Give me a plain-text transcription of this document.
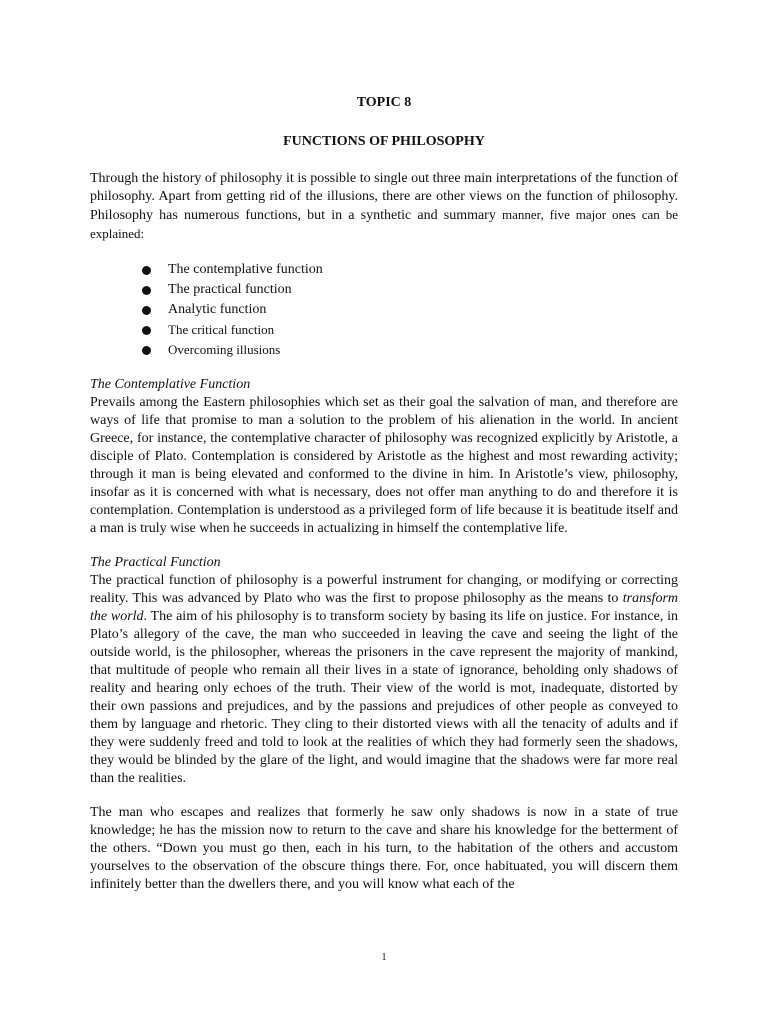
TOPIC 8
FUNCTIONS OF PHILOSOPHY

Through the history of philosophy it is possible to single out three main interpretations of the function of philosophy. Apart from getting rid of the illusions, there are other views on the function of philosophy. Philosophy has numerous functions, but in a synthetic and summary manner, five major ones can be explained:

The contemplative function
The practical function
Analytic function
The critical function
Overcoming illusions
The Contemplative Function

Prevails among the Eastern philosophies which set as their goal the salvation of man, and therefore are ways of life that promise to man a solution to the problem of his alienation in the world. In ancient Greece, for instance, the contemplative character of philosophy was recognized explicitly by Aristotle, a disciple of Plato. Contemplation is considered by Aristotle as the highest and most rewarding activity; through it man is being elevated and conformed to the divine in him. In Aristotle’s view, philosophy, insofar as it is concerned with what is necessary, does not offer man anything to do and therefore it is contemplation. Contemplation is understood as a privileged form of life because it is beatitude itself and a man is truly wise when he succeeds in actualizing in himself the contemplative life.

The Practical Function

The practical function of philosophy is a powerful instrument for changing, or modifying or correcting reality. This was advanced by Plato who was the first to propose philosophy as the means to transform the world. The aim of his philosophy is to transform society by basing its life on justice. For instance, in Plato’s allegory of the cave, the man who succeeded in leaving the cave and seeing the light of the outside world, is the philosopher, whereas the prisoners in the cave represent the majority of mankind, that multitude of people who remain all their lives in a state of ignorance, beholding only shadows of reality and hearing only echoes of the truth. Their view of the world is mot, inadequate, distorted by their own passions and prejudices, and by the passions and prejudices of other people as conveyed to them by language and rhetoric. They cling to their distorted views with all the tenacity of adults and if they were suddenly freed and told to look at the realities of which they had formerly seen the shadows, they would be blinded by the glare of the light, and would imagine that the shadows were far more real than the realities.

The man who escapes and realizes that formerly he saw only shadows is now in a state of true knowledge; he has the mission now to return to the cave and share his knowledge for the betterment of the others. “Down you must go then, each in his turn, to the habitation of the others and accustom yourselves to the observation of the obscure things there. For, once habituated, you will discern them infinitely better than the dwellers there, and you will know what each of the

1
